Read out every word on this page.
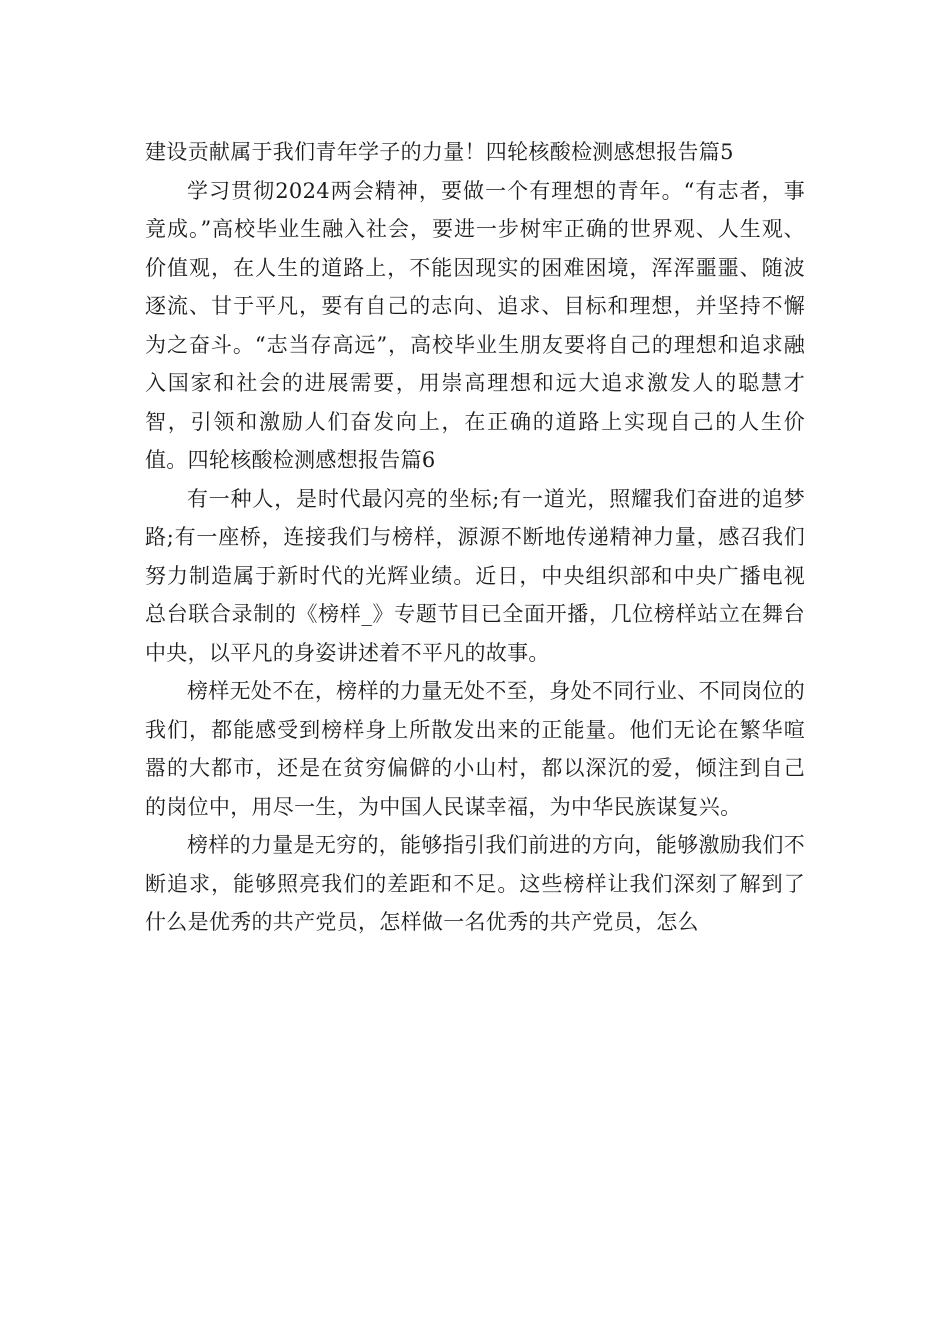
建设贡献属于我们青年学子的力量！四轮核酸检测感想报告篇5

学习贯彻2024两会精神，要做一个有理想的青年。“有志者，事竟成。”高校毕业生融入社会，要进一步树牢正确的世界观、人生观、价值观，在人生的道路上，不能因现实的困难困境，浑浑噩噩、随波逐流、甘于平凡，要有自己的志向、追求、目标和理想，并坚持不懈为之奋斗。“志当存高远”，高校毕业生朋友要将自己的理想和追求融入国家和社会的进展需要，用崇高理想和远大追求激发人的聪慧才智，引领和激励人们奋发向上，在正确的道路上实现自己的人生价值。四轮核酸检测感想报告篇6

有一种人，是时代最闪亮的坐标;有一道光，照耀我们奋进的追梦路;有一座桥，连接我们与榜样，源源不断地传递精神力量，感召我们努力制造属于新时代的光辉业绩。近日，中央组织部和中央广播电视总台联合录制的《榜样_》专题节目已全面开播，几位榜样站立在舞台中央，以平凡的身姿讲述着不平凡的故事。

榜样无处不在，榜样的力量无处不至，身处不同行业、不同岗位的我们，都能感受到榜样身上所散发出来的正能量。他们无论在繁华喧嚣的大都市，还是在贫穷偏僻的小山村，都以深沉的爱，倾注到自己的岗位中，用尽一生，为中国人民谋幸福，为中华民族谋复兴。

榜样的力量是无穷的，能够指引我们前进的方向，能够激励我们不断追求，能够照亮我们的差距和不足。这些榜样让我们深刻了解到了什么是优秀的共产党员，怎样做一名优秀的共产党员，怎么
